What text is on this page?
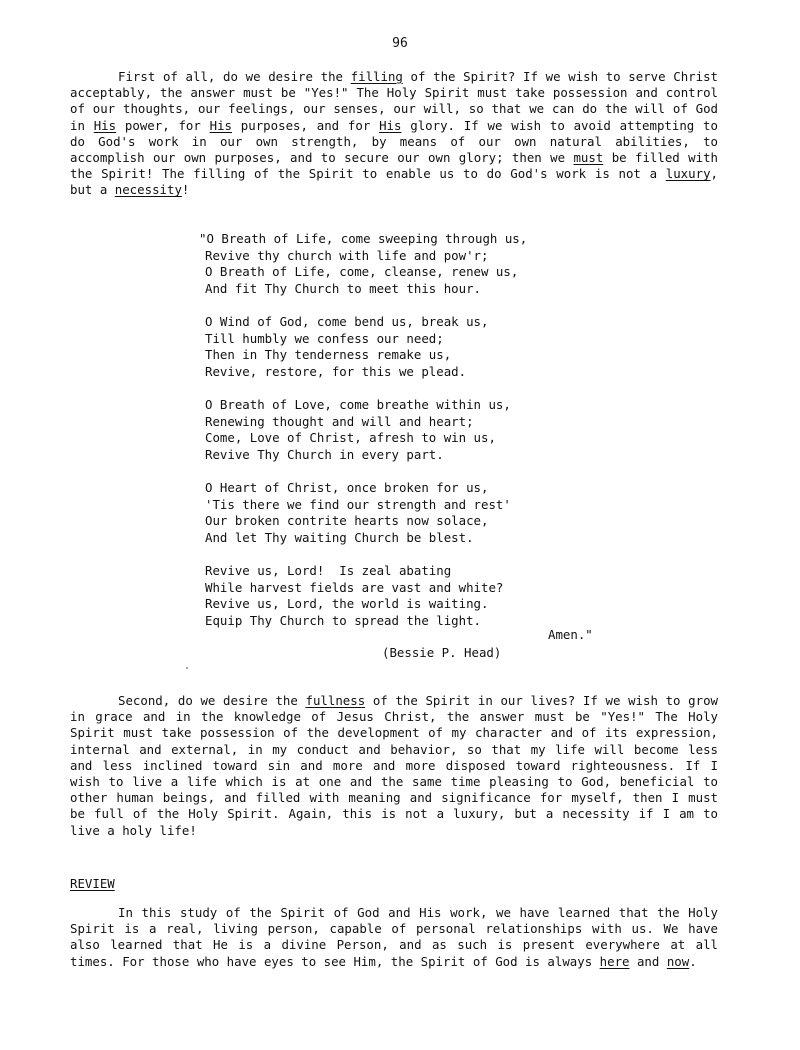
96

First of all, do we desire the filling of the Spirit? If we wish to serve Christ acceptably, the answer must be "Yes!" The Holy Spirit must take possession and control of our thoughts, our feelings, our senses, our will, so that we can do the will of God in His power, for His purposes, and for His glory. If we wish to avoid attempting to do God's work in our own strength, by means of our own natural abilities, to accomplish our own purposes, and to secure our own glory; then we must be filled with the Spirit! The filling of the Spirit to enable us to do God's work is not a luxury, but a necessity!

"O Breath of Life, come sweeping through us,
Revive thy church with life and pow'r;
O Breath of Life, come, cleanse, renew us,
And fit Thy Church to meet this hour.
O Wind of God, come bend us, break us,
Till humbly we confess our need;
Then in Thy tenderness remake us,
Revive, restore, for this we plead.
O Breath of Love, come breathe within us,
Renewing thought and will and heart;
Come, Love of Christ, afresh to win us,
Revive Thy Church in every part.
O Heart of Christ, once broken for us,
'Tis there we find our strength and rest'
Our broken contrite hearts now solace,
And let Thy waiting Church be blest.
Revive us, Lord!  Is zeal abating
While harvest fields are vast and white?
Revive us, Lord, the world is waiting.
Equip Thy Church to spread the light.
Amen."
(Bessie P. Head)

Second, do we desire the fullness of the Spirit in our lives? If we wish to grow in grace and in the knowledge of Jesus Christ, the answer must be "Yes!" The Holy Spirit must take possession of the development of my character and of its expression, internal and external, in my conduct and behavior, so that my life will become less and less inclined toward sin and more and more disposed toward righteousness. If I wish to live a life which is at one and the same time pleasing to God, beneficial to other human beings, and filled with meaning and significance for myself, then I must be full of the Holy Spirit. Again, this is not a luxury, but a necessity if I am to live a holy life!

REVIEW

In this study of the Spirit of God and His work, we have learned that the Holy Spirit is a real, living person, capable of personal relationships with us. We have also learned that He is a divine Person, and as such is present everywhere at all times. For those who have eyes to see Him, the Spirit of God is always here and now.
